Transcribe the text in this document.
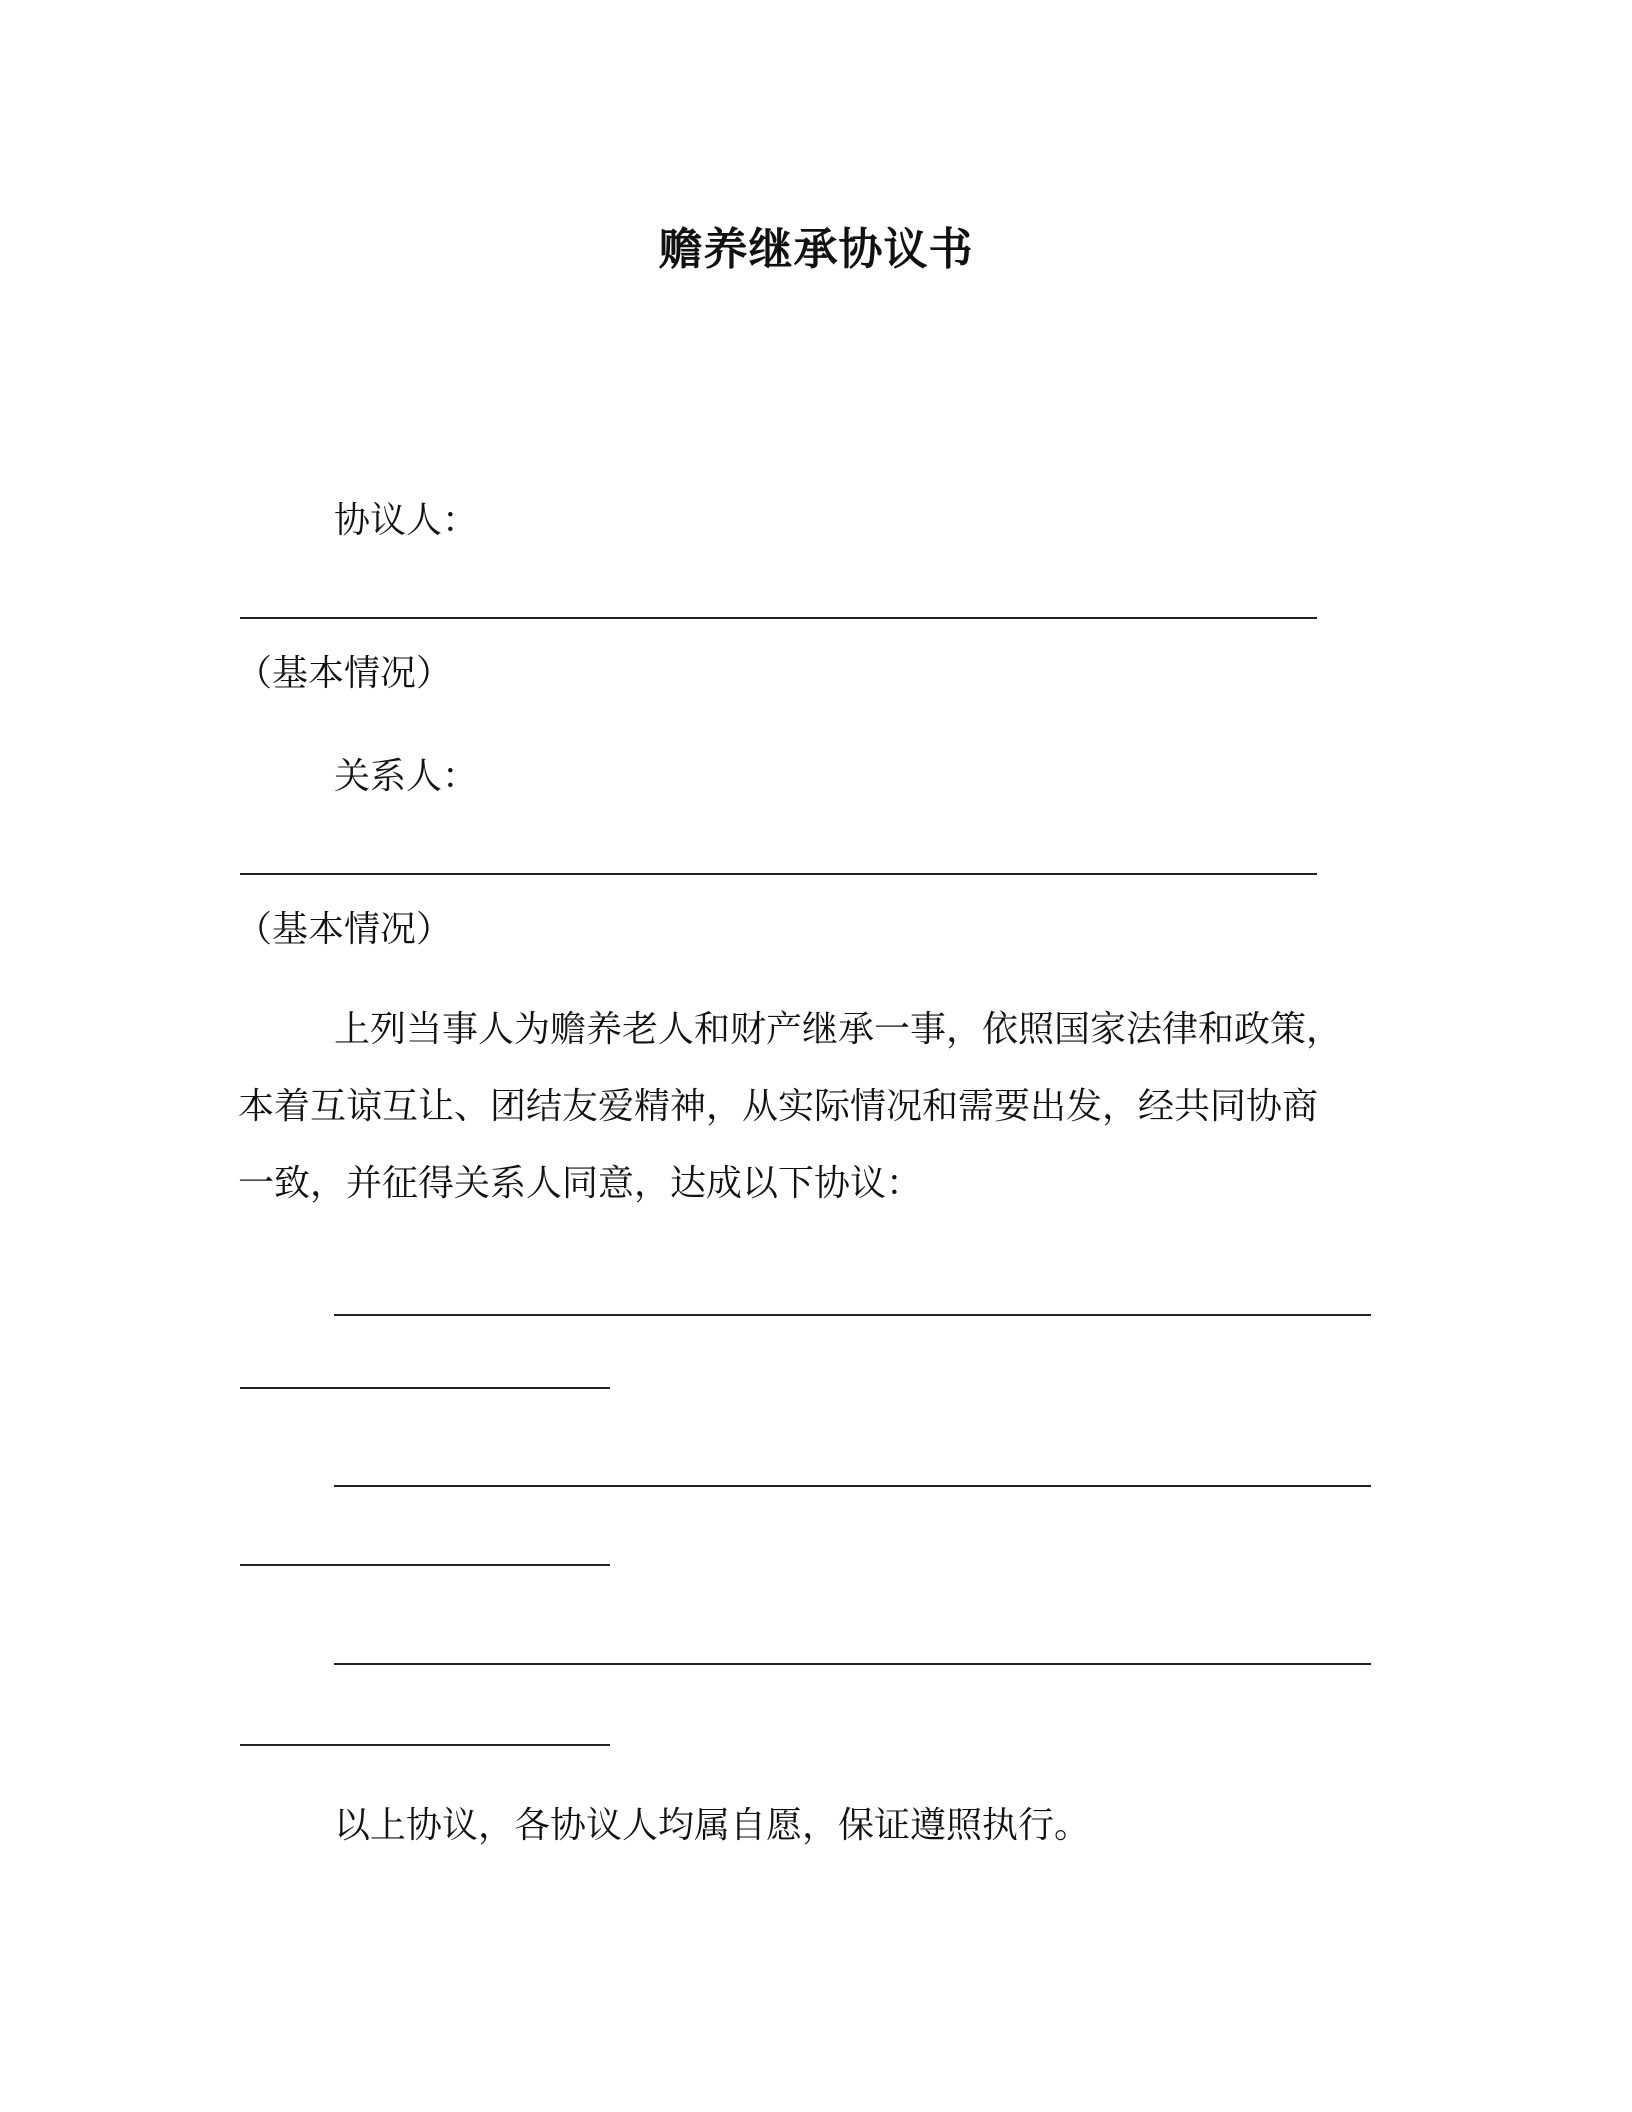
赡养继承协议书
协议人：
（基本情况）
关系人：
（基本情况）
上列当事人为赡养老人和财产继承一事，依照国家法律和政策，
本着互谅互让、团结友爱精神，从实际情况和需要出发，经共同协商
一致，并征得关系人同意，达成以下协议：
以上协议，各协议人均属自愿，保证遵照执行。
